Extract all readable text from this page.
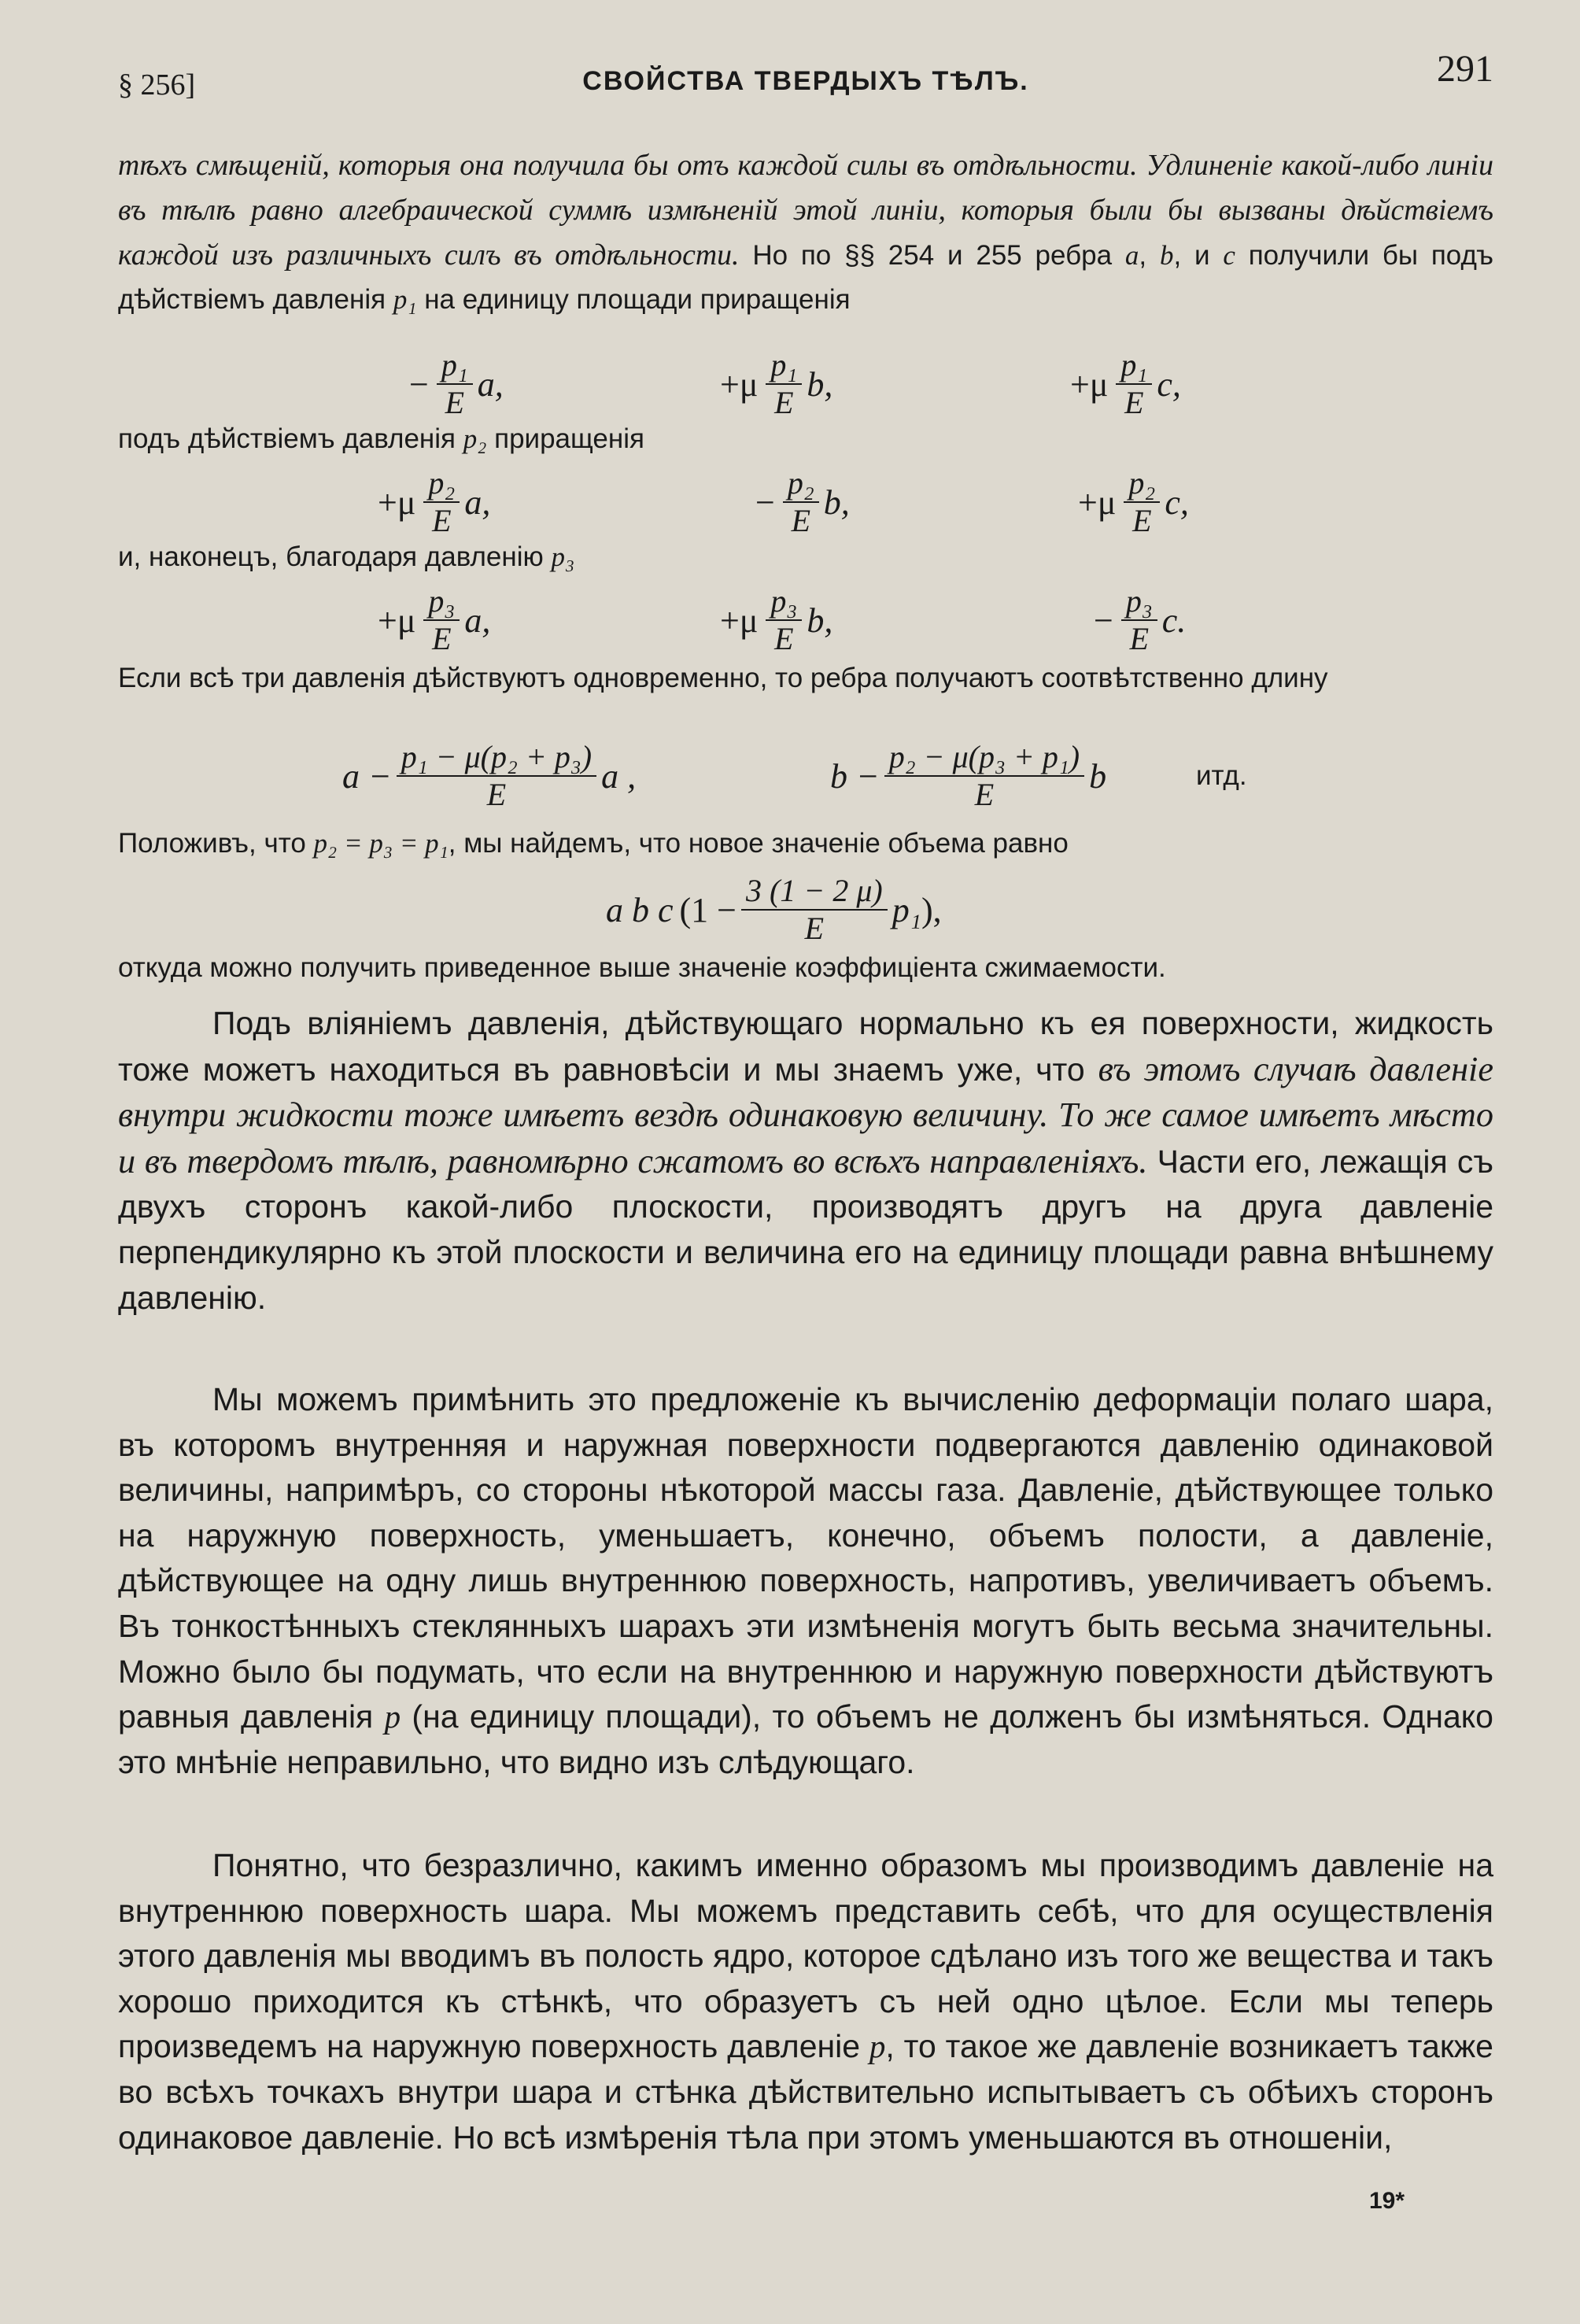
§ 256]	СВОЙСТВА ТВЕРДЫХЪ ТѢЛЪ.	291
тѣхъ смѣщеній, которыя она получила бы отъ каждой силы въ отдѣльности. Удлиненіе какой-либо линіи въ тѣлѣ равно алгебраической суммѣ измѣненій этой линіи, которыя были бы вызваны дѣйствіемъ каждой изъ различныхъ силъ въ отдѣльности. Но по §§ 254 и 255 ребра a, b, и c получили бы подъ дѣйствіемъ давленія p₁ на единицу площади приращенія
− $\frac{\text{p₁}}{E} a$,	$+\mu \frac{\text{p₁}}{E} b$,	$+\mu \frac{\text{p₁}}{E} c$,
подъ дѣйствіемъ давленія p₂ приращенія
$+\mu \frac{\text{p₂}}{E} a$,	− $\frac{\text{p₂}}{E} b$,	$+\mu \frac{\text{p₂}}{E} c$,
и, наконецъ, благодаря давленію p₃
$+\mu \frac{\text{p₃}}{E} a$,	$+\mu \frac{\text{p₃}}{E} b$,	− $\frac{\text{p₃}}{E} c$.
Если всѣ три давленія дѣйствуютъ одновременно, то ребра получаютъ соотвѣтственно длину
$a - \frac{\text{p₁ − μ(p₂ + p₃)}}{E}$ a ,	$b - \frac{\text{p₂ − μ(p₃ + p₁)}}{E}$ b	итд.
Положивъ, что p₂ = p₃ = p₁, мы найдемъ, что новое значеніе объема равно
a b c ($1 - \frac{3 (1 - 2 \mu)}{E} p_1$ ),
откуда можно получить приведенное выше значеніе коэффиціента сжимаемости.
Подъ вліяніемъ давленія, дѣйствующаго нормально къ ея поверхности, жидкость тоже можетъ находиться въ равновѣсіи и мы знаемъ уже, что въ этомъ случаѣ давленіе внутри жидкости тоже имѣетъ вездѣ одинаковую величину. То же самое имѣетъ мѣсто и въ твердомъ тѣлѣ, равномѣрно сжатомъ во всѣхъ направленіяхъ. Части его, лежащія съ двухъ сторонъ какой-либо плоскости, производятъ другъ на друга давленіе перпендикулярно къ этой плоскости и величина его на единицу площади равна внѣшнему давленію.
Мы можемъ примѣнить это предложеніе къ вычисленію деформаціи полаго шара, въ которомъ внутренняя и наружная поверхности подвергаются давленію одинаковой величины, напримѣръ, со стороны нѣкоторой массы газа. Давленіе, дѣйствующее только на наружную поверхность, уменьшаетъ, конечно, объемъ полости, а давленіе, дѣйствующее на одну лишь внутреннюю поверхность, напротивъ, увеличиваетъ объемъ. Въ тонкостѣнныхъ стеклянныхъ шарахъ эти измѣненія могутъ быть весьма значительны. Можно было бы подумать, что если на внутреннюю и наружную поверхности дѣйствуютъ равныя давленія p (на единицу площади), то объемъ не долженъ бы измѣняться. Однако это мнѣніе неправильно, что видно изъ слѣдующаго.
Понятно, что безразлично, какимъ именно образомъ мы производимъ давленіе на внутреннюю поверхность шара. Мы можемъ представить себѣ, что для осуществленія этого давленія мы вводимъ въ полость ядро, которое сдѣлано изъ того же вещества и такъ хорошо приходится къ стѣнкѣ, что образуетъ съ ней одно цѣлое. Если мы теперь произведемъ на наружную поверхность давленіе p, то такое же давленіе возникаетъ также во всѣхъ точкахъ внутри шара и стѣнка дѣйствительно испытываетъ съ обѣихъ сторонъ одинаковое давленіе. Но всѣ измѣренія тѣла при этомъ уменьшаются въ отношеніи,
19*
